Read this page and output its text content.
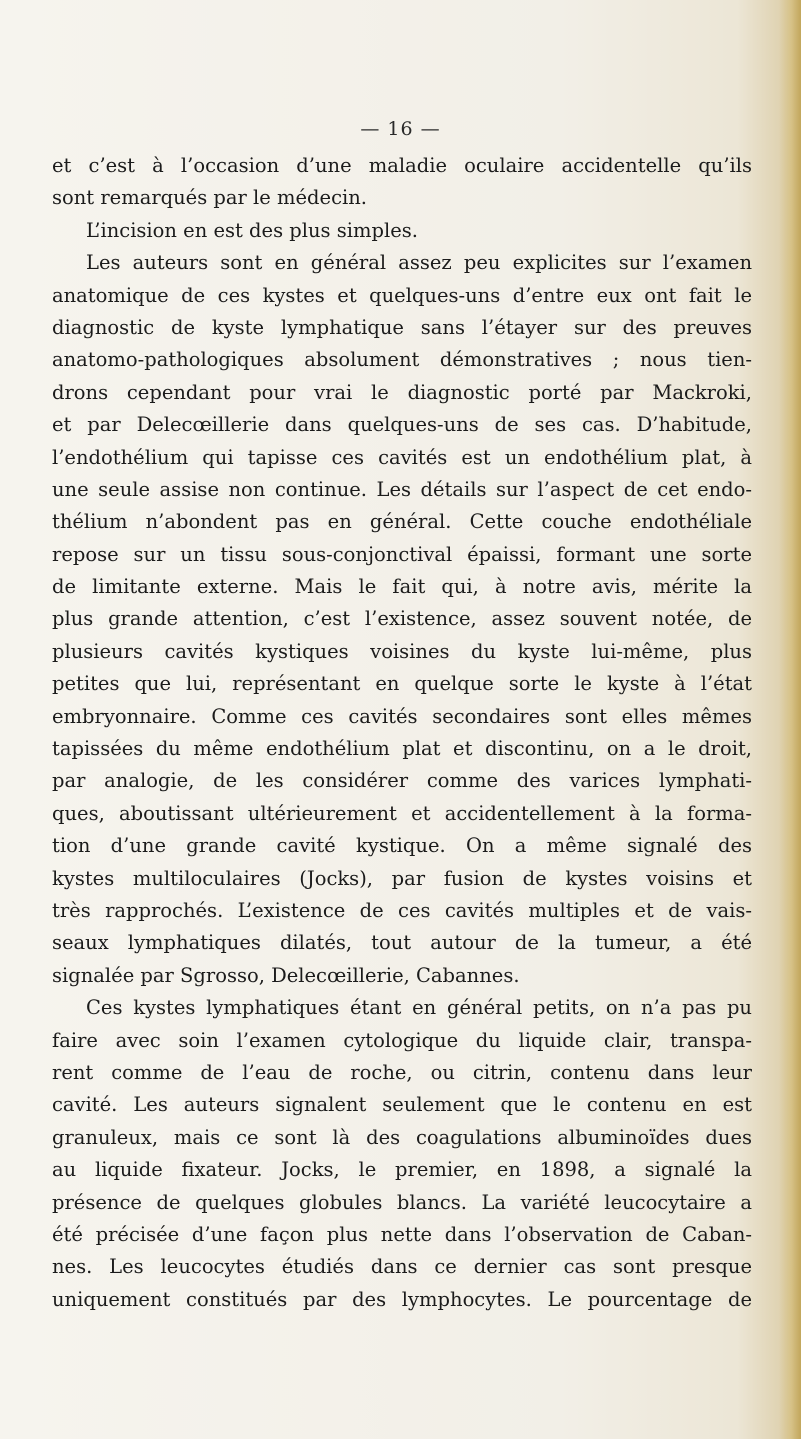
— 16 —
et c’est à l’occasion d’une maladie oculaire accidentelle qu’ils
sont remarqués par le médecin.
L’incision en est des plus simples.
Les auteurs sont en général assez peu explicites sur l’examen
anatomique de ces kystes et quelques-uns d’entre eux ont fait le
diagnostic de kyste lymphatique sans l’étayer sur des preuves
anatomo-pathologiques absolument démonstratives ; nous tien-
drons cependant pour vrai le diagnostic porté par Mackroki,
et par Delecœillerie dans quelques-uns de ses cas. D’habitude,
l’endothélium qui tapisse ces cavités est un endothélium plat, à
une seule assise non continue. Les détails sur l’aspect de cet endo-
thélium n’abondent pas en général. Cette couche endothéliale
repose sur un tissu sous-conjonctival épaissi, formant une sorte
de limitante externe. Mais le fait qui, à notre avis, mérite la
plus grande attention, c’est l’existence, assez souvent notée, de
plusieurs cavités kystiques voisines du kyste lui-même, plus
petites que lui, représentant en quelque sorte le kyste à l’état
embryonnaire. Comme ces cavités secondaires sont elles mêmes
tapissées du même endothélium plat et discontinu, on a le droit,
par analogie, de les considérer comme des varices lymphati-
ques, aboutissant ultérieurement et accidentellement à la forma-
tion d’une grande cavité kystique. On a même signalé des
kystes multiloculaires (Jocks), par fusion de kystes voisins et
très rapprochés. L’existence de ces cavités multiples et de vais-
seaux lymphatiques dilatés, tout autour de la tumeur, a été
signalée par Sgrosso, Delecœillerie, Cabannes.
Ces kystes lymphatiques étant en général petits, on n’a pas pu
faire avec soin l’examen cytologique du liquide clair, transpa-
rent comme de l’eau de roche, ou citrin, contenu dans leur
cavité. Les auteurs signalent seulement que le contenu en est
granuleux, mais ce sont là des coagulations albuminoïdes dues
au liquide fixateur. Jocks, le premier, en 1898, a signalé la
présence de quelques globules blancs. La variété leucocytaire a
été précisée d’une façon plus nette dans l’observation de Caban-
nes. Les leucocytes étudiés dans ce dernier cas sont presque
uniquement constitués par des lymphocytes. Le pourcentage de
